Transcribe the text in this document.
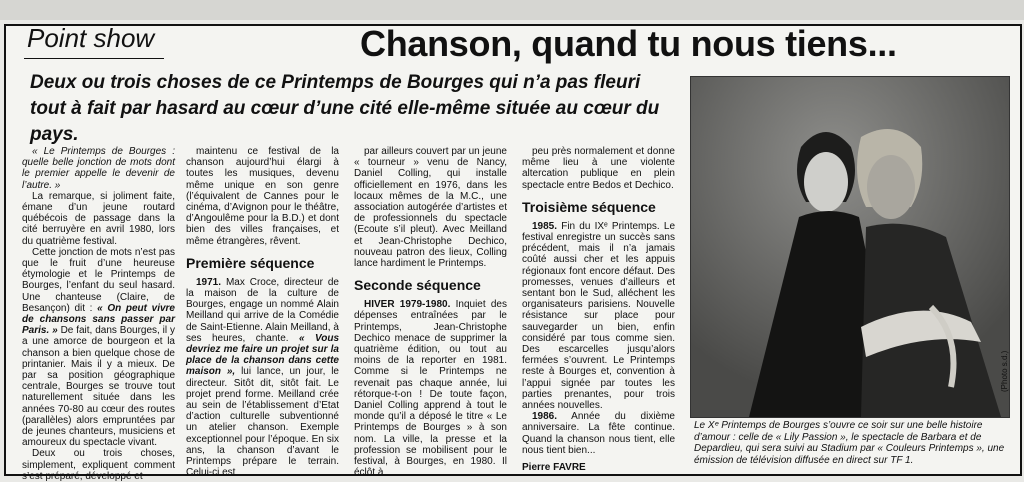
Point show	Chanson, quand tu nous tiens...
Deux ou trois choses de ce Printemps de Bourges qui n’a pas fleuri tout à fait par hasard au cœur d’une cité elle-même située au cœur du pays.

« Le Printemps de Bourges : quelle belle jonction de mots dont le premier appelle le devenir de l’autre. »

La remarque, si joliment faite, émane d’un jeune routard québécois de passage dans la cité berruyère en avril 1980, lors du quatrième festival.

Cette jonction de mots n’est pas que le fruit d’une heureuse étymologie et le Printemps de Bourges, l’enfant du seul hasard. Une chanteuse (Claire, de Besançon) dit : « On peut vivre de chansons sans passer par Paris. » De fait, dans Bourges, il y a une amorce de bourgeon et la chanson a bien quelque chose de printanier. Mais il y a mieux. De par sa position géographique centrale, Bourges se trouve tout naturellement située dans les années 70-80 au cœur des routes (parallèles) alors empruntées par de jeunes chanteurs, musiciens et amoureux du spectacle vivant.

Deux ou trois choses, simplement, expliquent comment s’est préparé, développé et

maintenu ce festival de la chanson aujourd’hui élargi à toutes les musiques, devenu même unique en son genre (l’équivalent de Cannes pour le cinéma, d’Avignon pour le théâtre, d’Angoulême pour la B.D.) et dont bien des villes françaises, et même étrangères, rêvent.

Première séquence

1971. Max Croce, directeur de la maison de la culture de Bourges, engage un nommé Alain Meilland qui arrive de la Comédie de Saint-Etienne. Alain Meilland, à ses heures, chante. « Vous devriez me faire un projet sur la place de la chanson dans cette maison », lui lance, un jour, le directeur. Sitôt dit, sitôt fait. Le projet prend forme. Meilland crée au sein de l’établissement d’Etat d’action culturelle subventionné un atelier chanson. Exemple exceptionnel pour l’époque. En six ans, la chanson d’avant le Printemps prépare le terrain. Celui-ci est

par ailleurs couvert par un jeune « tourneur » venu de Nancy, Daniel Colling, qui installe officiellement en 1976, dans les locaux mêmes de la M.C., une association autogérée d’artistes et de professionnels du spectacle (Ecoute s’il pleut). Avec Meilland et Jean-Christophe Dechico, nouveau patron des lieux, Colling lance hardiment le Printemps.

Seconde séquence

HIVER 1979-1980. Inquiet des dépenses entraînées par le Printemps, Jean-Christophe Dechico menace de supprimer la quatrième édition, ou tout au moins de la reporter en 1981. Comme si le Printemps ne revenait pas chaque année, lui rétorque-t-on ! De toute façon, Daniel Colling apprend à tout le monde qu’il a déposé le titre « Le Printemps de Bourges » à son nom. La ville, la presse et la profession se mobilisent pour le festival, à Bourges, en 1980. Il éclôt à

peu près normalement et donne même lieu à une violente altercation publique en plein spectacle entre Bedos et Dechico.

Troisième séquence

1985. Fin du IXᵉ Printemps. Le festival enregistre un succès sans précédent, mais il n’a jamais coûté aussi cher et les appuis régionaux font encore défaut. Des promesses, venues d’ailleurs et sentant bon le Sud, alléchent les organisateurs parisiens. Nouvelle résistance sur place pour sauvegarder un bien, enfin considéré par tous comme sien. Des escarcelles jusqu’alors fermées s’ouvrent. Le Printemps reste à Bourges et, convention à l’appui signée par toutes les parties prenantes, pour trois années nouvelles.

1986. Année du dixième anniversaire. La fête continue. Quand la chanson nous tient, elle nous tient bien...

Pierre FAVRE
(Photo s.d.)
Le Xᵉ Printemps de Bourges s’ouvre ce soir sur une belle histoire d’amour : celle de « Lily Passion », le spectacle de Barbara et de Depardieu, qui sera suivi au Stadium par « Couleurs Printemps », une émission de télévision diffusée en direct sur TF 1.
